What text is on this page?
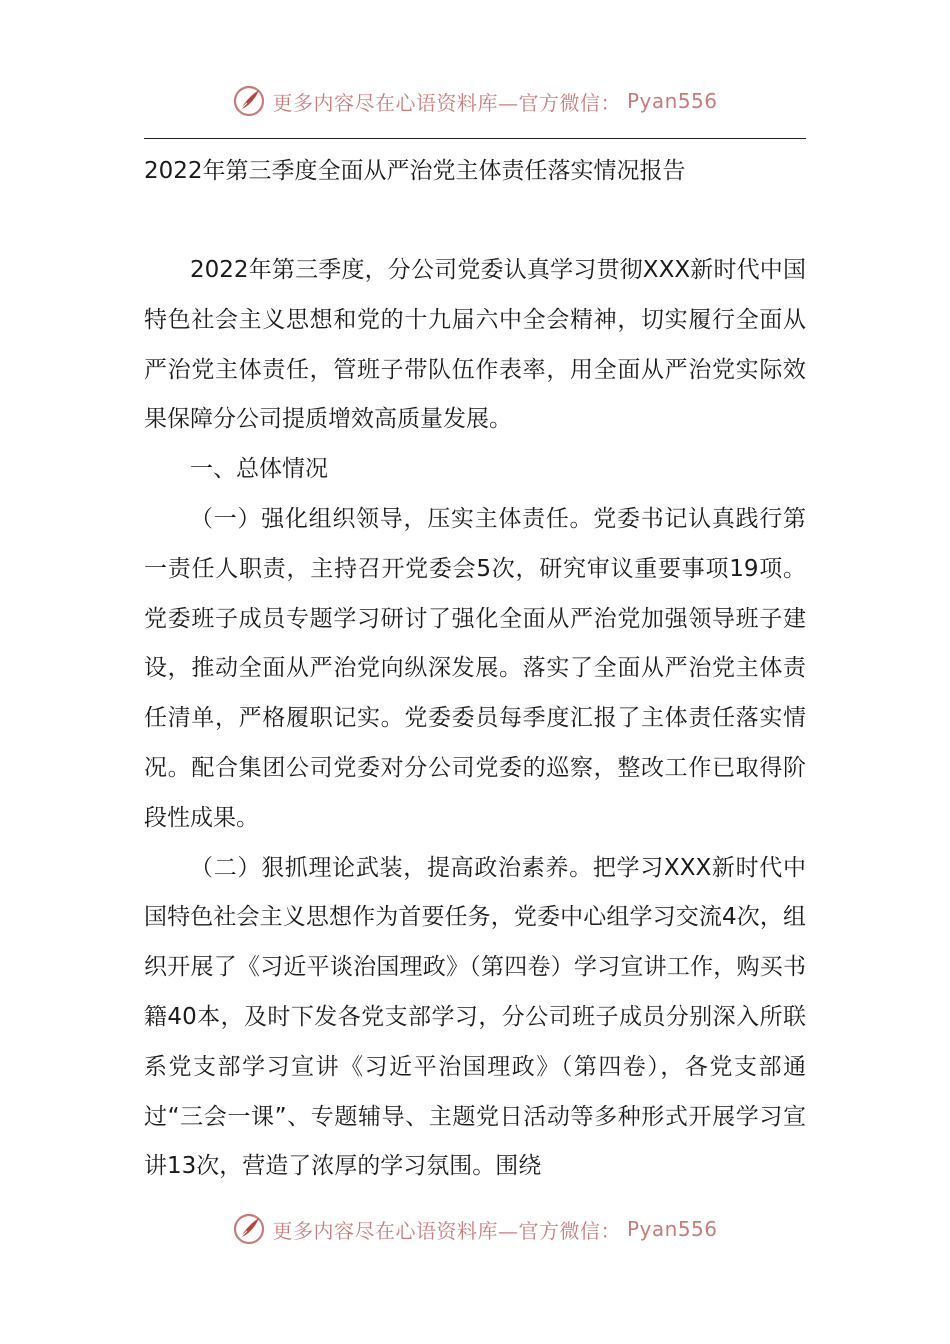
更多内容尽在心语资料库—官方微信： Pyan556
2022年第三季度全面从严治党主体责任落实情况报告

2022年第三季度，分公司党委认真学习贯彻XXX新时代中国特色社会主义思想和党的十九届六中全会精神，切实履行全面从严治党主体责任，管班子带队伍作表率，用全面从严治党实际效果保障分公司提质增效高质量发展。

一、总体情况

（一）强化组织领导，压实主体责任。党委书记认真践行第一责任人职责，主持召开党委会5次，研究审议重要事项19项。党委班子成员专题学习研讨了强化全面从严治党加强领导班子建设，推动全面从严治党向纵深发展。落实了全面从严治党主体责任清单，严格履职记实。党委委员每季度汇报了主体责任落实情况。配合集团公司党委对分公司党委的巡察，整改工作已取得阶段性成果。

（二）狠抓理论武装，提高政治素养。把学习XXX新时代中国特色社会主义思想作为首要任务，党委中心组学习交流4次，组织开展了《习近平谈治国理政》（第四卷）学习宣讲工作，购买书籍40本，及时下发各党支部学习，分公司班子成员分别深入所联系党支部学习宣讲《习近平治国理政》（第四卷），各党支部通过“三会一课”、专题辅导、主题党日活动等多种形式开展学习宣讲13次，营造了浓厚的学习氛围。围绕

更多内容尽在心语资料库—官方微信： Pyan556
